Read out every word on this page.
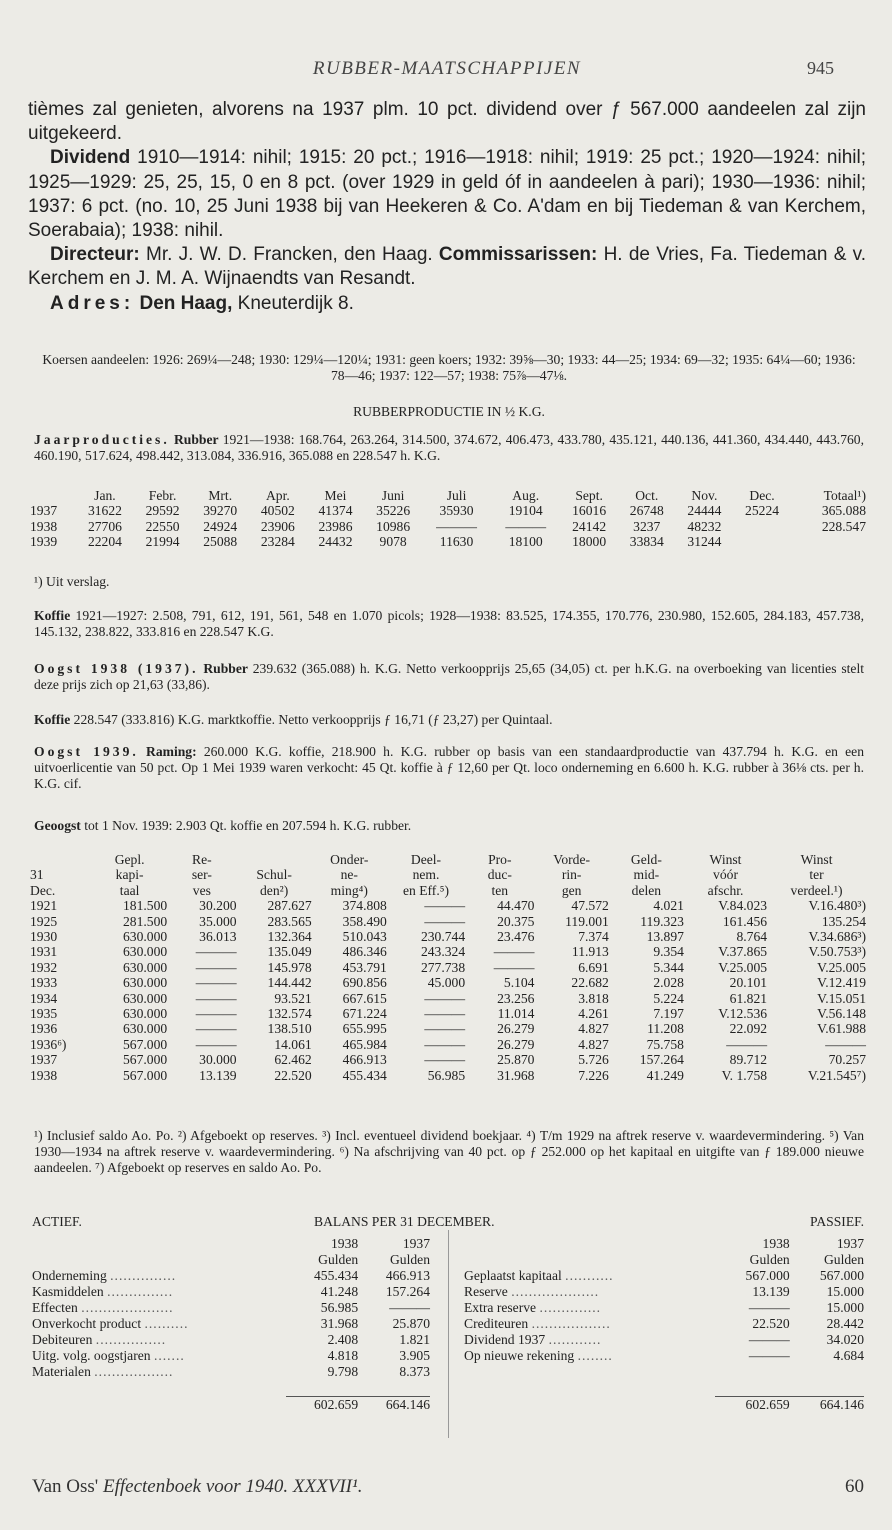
RUBBER-MAATSCHAPPIJEN	945

tièmes zal genieten, alvorens na 1937 plm. 10 pct. dividend over ƒ 567.000 aandeelen zal zijn uitgekeerd.

Dividend 1910—1914: nihil; 1915: 20 pct.; 1916—1918: nihil; 1919: 25 pct.; 1920—1924: nihil; 1925—1929: 25, 25, 15, 0 en 8 pct. (over 1929 in geld óf in aandeelen à pari); 1930—1936: nihil; 1937: 6 pct. (no. 10, 25 Juni 1938 bij van Heekeren & Co. A'dam en bij Tiedeman & van Kerchem, Soerabaia); 1938: nihil.

Directeur: Mr. J. W. D. Francken, den Haag. Commissarissen: H. de Vries, Fa. Tiedeman & v. Kerchem en J. M. A. Wijnaendts van Resandt.

Adres: Den Haag, Kneuterdijk 8.

Koersen aandeelen: 1926: 269¼—248; 1930: 129¼—120¼; 1931: geen koers; 1932: 39⅝—30; 1933: 44—25; 1934: 69—32; 1935: 64¼—60; 1936: 78—46; 1937: 122—57; 1938: 75⅞—47⅛.

RUBBERPRODUCTIE IN ½ K.G.

Jaarproducties. Rubber 1921—1938: 168.764, 263.264, 314.500, 374.672, 406.473, 433.780, 435.121, 440.136, 441.360, 434.440, 443.760, 460.190, 517.624, 498.442, 313.084, 336.916, 365.088 en 228.547 h. K.G.

	Jan.	Febr.	Mrt.	Apr.	Mei	Juni	Juli	Aug.	Sept.	Oct.	Nov.	Dec.	Totaal¹)
1937	31622	29592	39270	40502	41374	35226	35930	19104	16016	26748	24444	25224	365.088
1938	27706	22550	24924	23906	23986	10986	———	———	24142	3237	48232		228.547
1939	22204	21994	25088	23284	24432	9078	11630	18100	18000	33834	31244		

¹) Uit verslag.

Koffie 1921—1927: 2.508, 791, 612, 191, 561, 548 en 1.070 picols; 1928—1938: 83.525, 174.355, 170.776, 230.980, 152.605, 284.183, 457.738, 145.132, 238.822, 333.816 en 228.547 K.G.

Oogst 1938 (1937). Rubber 239.632 (365.088) h. K.G. Netto verkoopprijs 25,65 (34,05) ct. per h.K.G. na overboeking van licenties stelt deze prijs zich op 21,63 (33,86).

Koffie 228.547 (333.816) K.G. marktkoffie. Netto verkoopprijs ƒ 16,71 (ƒ 23,27) per Quintaal.

Oogst 1939. Raming: 260.000 K.G. koffie, 218.900 h. K.G. rubber op basis van een standaardproductie van 437.794 h. K.G. en een uitvoerlicentie van 50 pct. Op 1 Mei 1939 waren verkocht: 45 Qt. koffie à ƒ 12,60 per Qt. loco onderneming en 6.600 h. K.G. rubber à 36⅛ cts. per h. K.G. cif.

Geoogst tot 1 Nov. 1939: 2.903 Qt. koffie en 207.594 h. K.G. rubber.

	Gepl.	Re-		Onder-	Deel-	Pro-	Vorde-	Geld-	Winst	Winst
31	kapi-	ser-	Schul-	ne-	nem.	duc-	rin-	mid-	vóór	ter
Dec.	taal	ves	den²)	ming⁴)	en Eff.⁵)	ten	gen	delen	afschr.	verdeel.¹)
1921	181.500	30.200	287.627	374.808	———	44.470	47.572	4.021	V.84.023	V.16.480³)
1925	281.500	35.000	283.565	358.490	———	20.375	119.001	119.323	161.456	135.254
1930	630.000	36.013	132.364	510.043	230.744	23.476	7.374	13.897	8.764	V.34.686³)
1931	630.000	———	135.049	486.346	243.324	———	11.913	9.354	V.37.865	V.50.753³)
1932	630.000	———	145.978	453.791	277.738	———	6.691	5.344	V.25.005	V.25.005
1933	630.000	———	144.442	690.856	45.000	5.104	22.682	2.028	20.101	V.12.419
1934	630.000	———	93.521	667.615	———	23.256	3.818	5.224	61.821	V.15.051
1935	630.000	———	132.574	671.224	———	11.014	4.261	7.197	V.12.536	V.56.148
1936	630.000	———	138.510	655.995	———	26.279	4.827	11.208	22.092	V.61.988
1936⁶)	567.000	———	14.061	465.984	———	26.279	4.827	75.758	———	———
1937	567.000	30.000	62.462	466.913	———	25.870	5.726	157.264	89.712	70.257
1938	567.000	13.139	22.520	455.434	56.985	31.968	7.226	41.249	V. 1.758	V.21.545⁷)

¹) Inclusief saldo Ao. Po. ²) Afgeboekt op reserves. ³) Incl. eventueel dividend boekjaar. ⁴) T/m 1929 na aftrek reserve v. waardevermindering. ⁵) Van 1930—1934 na aftrek reserve v. waardevermindering. ⁶) Na afschrijving van 40 pct. op ƒ 252.000 op het kapitaal en uitgifte van ƒ 189.000 nieuwe aandeelen. ⁷) Afgeboekt op reserves en saldo Ao. Po.

ACTIEF.	BALANS PER 31 DECEMBER.	PASSIEF.
	1938	1937
	Gulden	Gulden
Onderneming ...............	455.434	466.913
Kasmiddelen ...............	41.248	157.264
Effecten .....................	56.985	———
Onverkocht product ..........	31.968	25.870
Debiteuren ................	2.408	1.821
Uitg. volg. oogstjaren .......	4.818	3.905
Materialen ..................	9.798	8.373

	602.659	664.146
	1938	1937
	Gulden	Gulden
Geplaatst kapitaal ...........	567.000	567.000
Reserve ....................	13.139	15.000
Extra reserve ..............	———	15.000
Crediteuren ..................	22.520	28.442
Dividend 1937 ............	———	34.020
Op nieuwe rekening ........	———	4.684

	602.659	664.146
Van Oss' Effectenboek voor 1940. XXXVII¹.	60
